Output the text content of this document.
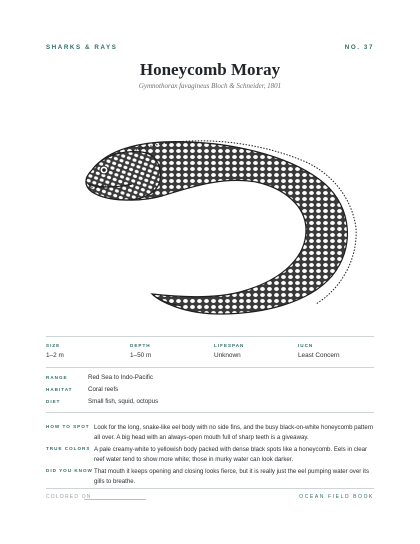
SHARKS & RAYS	NO. 37
Honeycomb Moray
Gymnothorax favagineus Bloch & Schneider, 1801
SIZE
1–2 m
DEPTH
1–50 m
LIFESPAN
Unknown
IUCN
Least Concern
RANGE	Red Sea to Indo-Pacific
HABITAT	Coral reefs
DIET	Small fish, squid, octopus
HOW TO SPOT Look for the long, snake-like eel body with no side fins, and the busy black-on-white honeycomb pattern all over. A big head with an always-open mouth full of sharp teeth is a giveaway.
TRUE COLORS A pale creamy-white to yellowish body packed with dense black spots like a honeycomb. Eels in clear reef water tend to show more white; those in murky water can look darker.
DID YOU KNOW That mouth it keeps opening and closing looks fierce, but it is really just the eel pumping water over its gills to breathe.
COLORED ON	OCEAN FIELD BOOK
